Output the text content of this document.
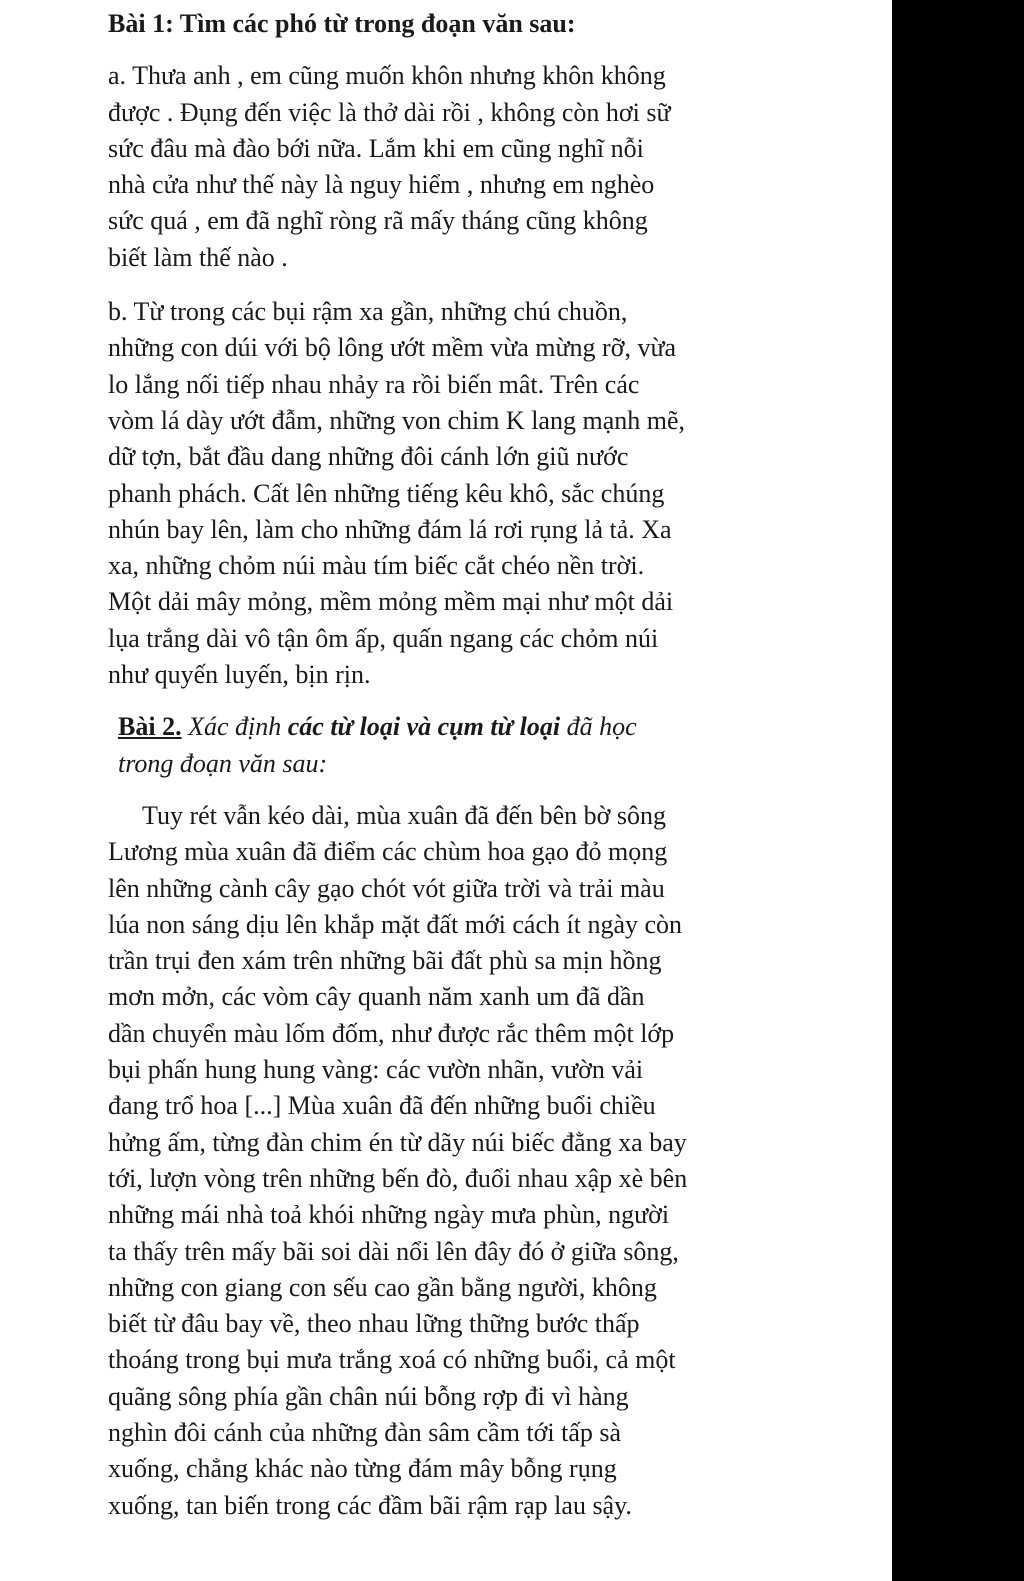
Bài 1: Tìm các phó từ trong đoạn văn sau:

a. Thưa anh , em cũng muốn khôn nhưng khôn không
được . Đụng đến việc là thở dài rồi , không còn hơi sữ
sức đâu mà đào bới nữa. Lắm khi em cũng nghĩ nỗi
nhà cửa như thế này là nguy hiểm , nhưng em nghèo
sức quá , em đã nghĩ ròng rã mấy tháng cũng không
biết làm thế nào .

b. Từ trong các bụi rậm xa gần, những chú chuồn,
những con dúi với bộ lông ướt mềm vừa mừng rỡ, vừa
lo lắng nối tiếp nhau nhảy ra rồi biến mât. Trên các
vòm lá dày ướt đẫm, những von chim K lang mạnh mẽ,
dữ tợn, bắt đầu dang những đôi cánh lớn giũ nước
phanh phách. Cất lên những tiếng kêu khô, sắc chúng
nhún bay lên, làm cho những đám lá rơi rụng lả tả. Xa
xa, những chỏm núi màu tím biếc cắt chéo nền trời.
Một dải mây mỏng, mềm mỏng mềm mại như một dải
lụa trắng dài vô tận ôm ấp, quấn ngang các chỏm núi
như quyến luyến, bịn rịn.

Bài 2. Xác định các từ loại và cụm từ loại đã học
trong đoạn văn sau:

Tuy rét vẫn kéo dài, mùa xuân đã đến bên bờ sông
Lương mùa xuân đã điểm các chùm hoa gạo đỏ mọng
lên những cành cây gạo chót vót giữa trời và trải màu
lúa non sáng dịu lên khắp mặt đất mới cách ít ngày còn
trần trụi đen xám trên những bãi đất phù sa mịn hồng
mơn mởn, các vòm cây quanh năm xanh um đã dần
dần chuyển màu lốm đốm, như được rắc thêm một lớp
bụi phấn hung hung vàng: các vườn nhãn, vườn vải
đang trổ hoa [...] Mùa xuân đã đến những buổi chiều
hửng ấm, từng đàn chim én từ dãy núi biếc đằng xa bay
tới, lượn vòng trên những bến đò, đuổi nhau xập xè bên
những mái nhà toả khói những ngày mưa phùn, người
ta thấy trên mấy bãi soi dài nổi lên đây đó ở giữa sông,
những con giang con sếu cao gần bằng người, không
biết từ đâu bay về, theo nhau lững thững bước thấp
thoáng trong bụi mưa trắng xoá có những buổi, cả một
quãng sông phía gần chân núi bỗng rợp đi vì hàng
nghìn đôi cánh của những đàn sâm cầm tới tấp sà
xuống, chẳng khác nào từng đám mây bỗng rụng
xuống, tan biến trong các đầm bãi rậm rạp lau sậy.
